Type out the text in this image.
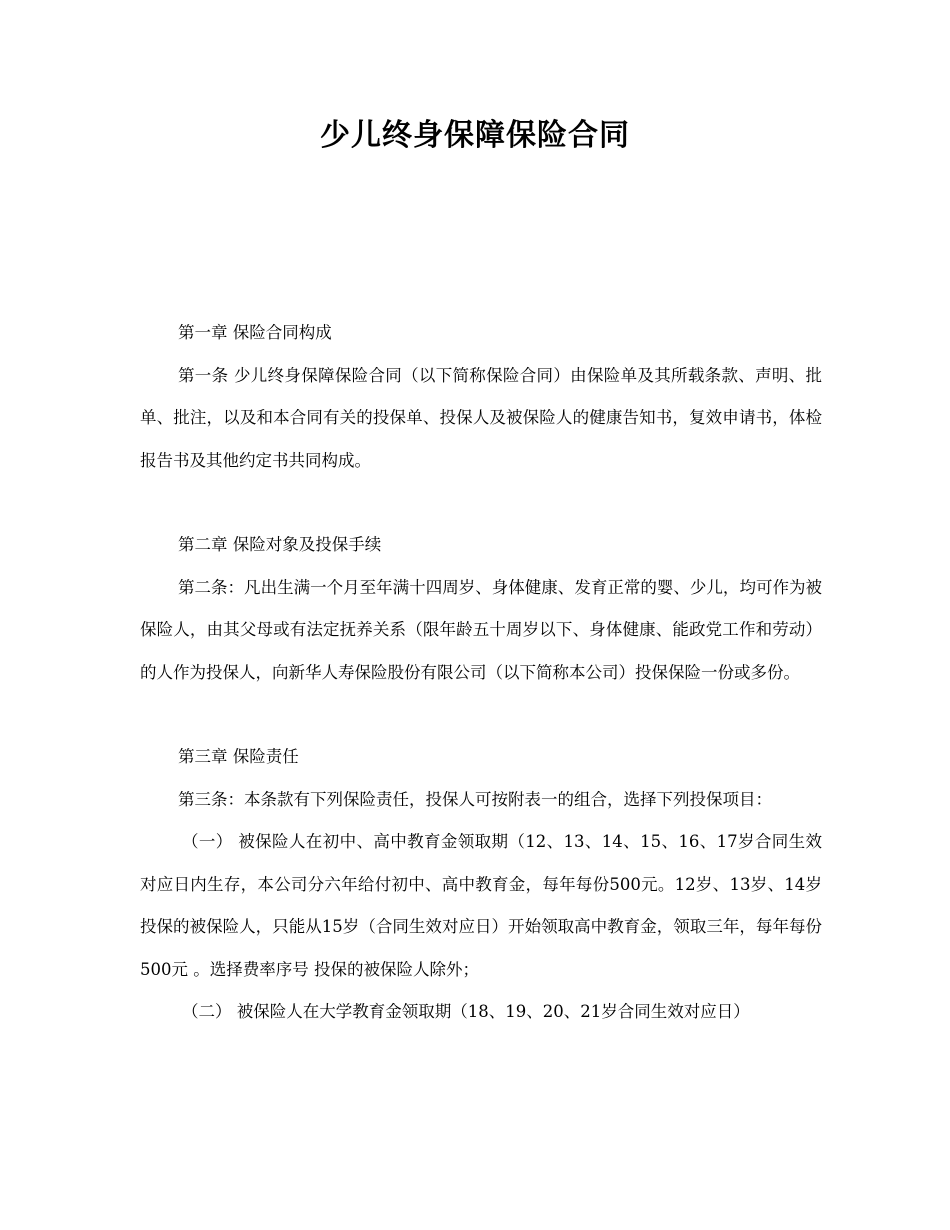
少儿终身保障保险合同

第一章 保险合同构成

第一条 少儿终身保障保险合同（以下简称保险合同）由保险单及其所载条款、声明、批单、批注，以及和本合同有关的投保单、投保人及被保险人的健康告知书，复效申请书，体检报告书及其他约定书共同构成。

第二章 保险对象及投保手续

第二条：凡出生满一个月至年满十四周岁、身体健康、发育正常的婴、少儿，均可作为被保险人，由其父母或有法定抚养关系（限年龄五十周岁以下、身体健康、能政党工作和劳动）的人作为投保人，向新华人寿保险股份有限公司（以下简称本公司）投保保险一份或多份。

第三章 保险责任

第三条：本条款有下列保险责任，投保人可按附表一的组合，选择下列投保项目：

（一） 被保险人在初中、高中教育金领取期（12、13、14、15、16、17岁合同生效对应日内生存，本公司分六年给付初中、高中教育金，每年每份500元。12岁、13岁、14岁投保的被保险人，只能从15岁（合同生效对应日）开始领取高中教育金，领取三年，每年每份500元 。选择费率序号 投保的被保险人除外；

（二） 被保险人在大学教育金领取期（18、19、20、21岁合同生效对应日）
